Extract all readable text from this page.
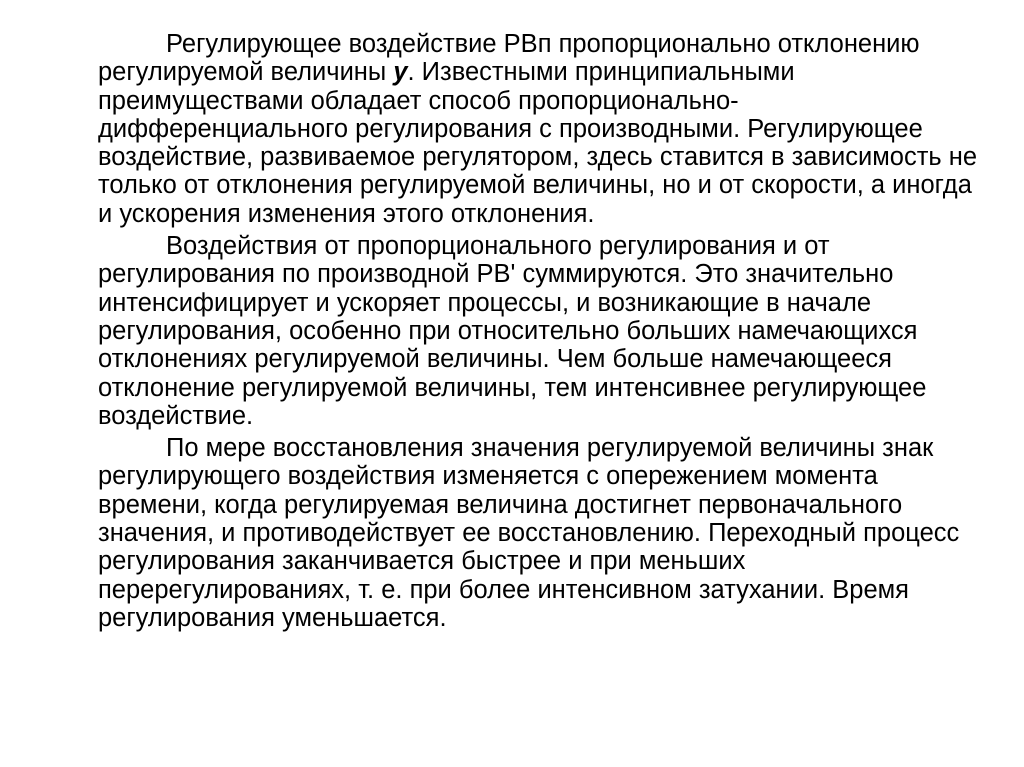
Регулирующее воздействие РВп пропорционально отклонению регулируемой величины у. Известными принципиальными преимуществами обладает способ пропорционально-дифференциального регулирования с производными. Регулирующее воздействие, развиваемое регулятором, здесь ставится в зависимость не только от отклонения регулируемой величины, но и от скорости, а иногда и ускорения изменения этого отклонения.

Воздействия от пропорционального регулирования и от регулирования по производной РВ' суммируются. Это значительно интенсифицирует и ускоряет процессы, и возникающие в начале регулирования, особенно при относительно больших намечающихся отклонениях регулируемой величины. Чем больше намечающееся отклонение регулируемой величины, тем интенсивнее регулирующее воздействие.

По мере восстановления значения регулируемой величины знак регулирующего воздействия изменяется с опережением момента времени, когда регулируемая величина достигнет первоначального значения, и противодействует ее восстановлению. Переходный процесс регулирования заканчивается быстрее и при меньших перерегулированиях, т. е. при более интенсивном затухании. Время регулирования уменьшается.
